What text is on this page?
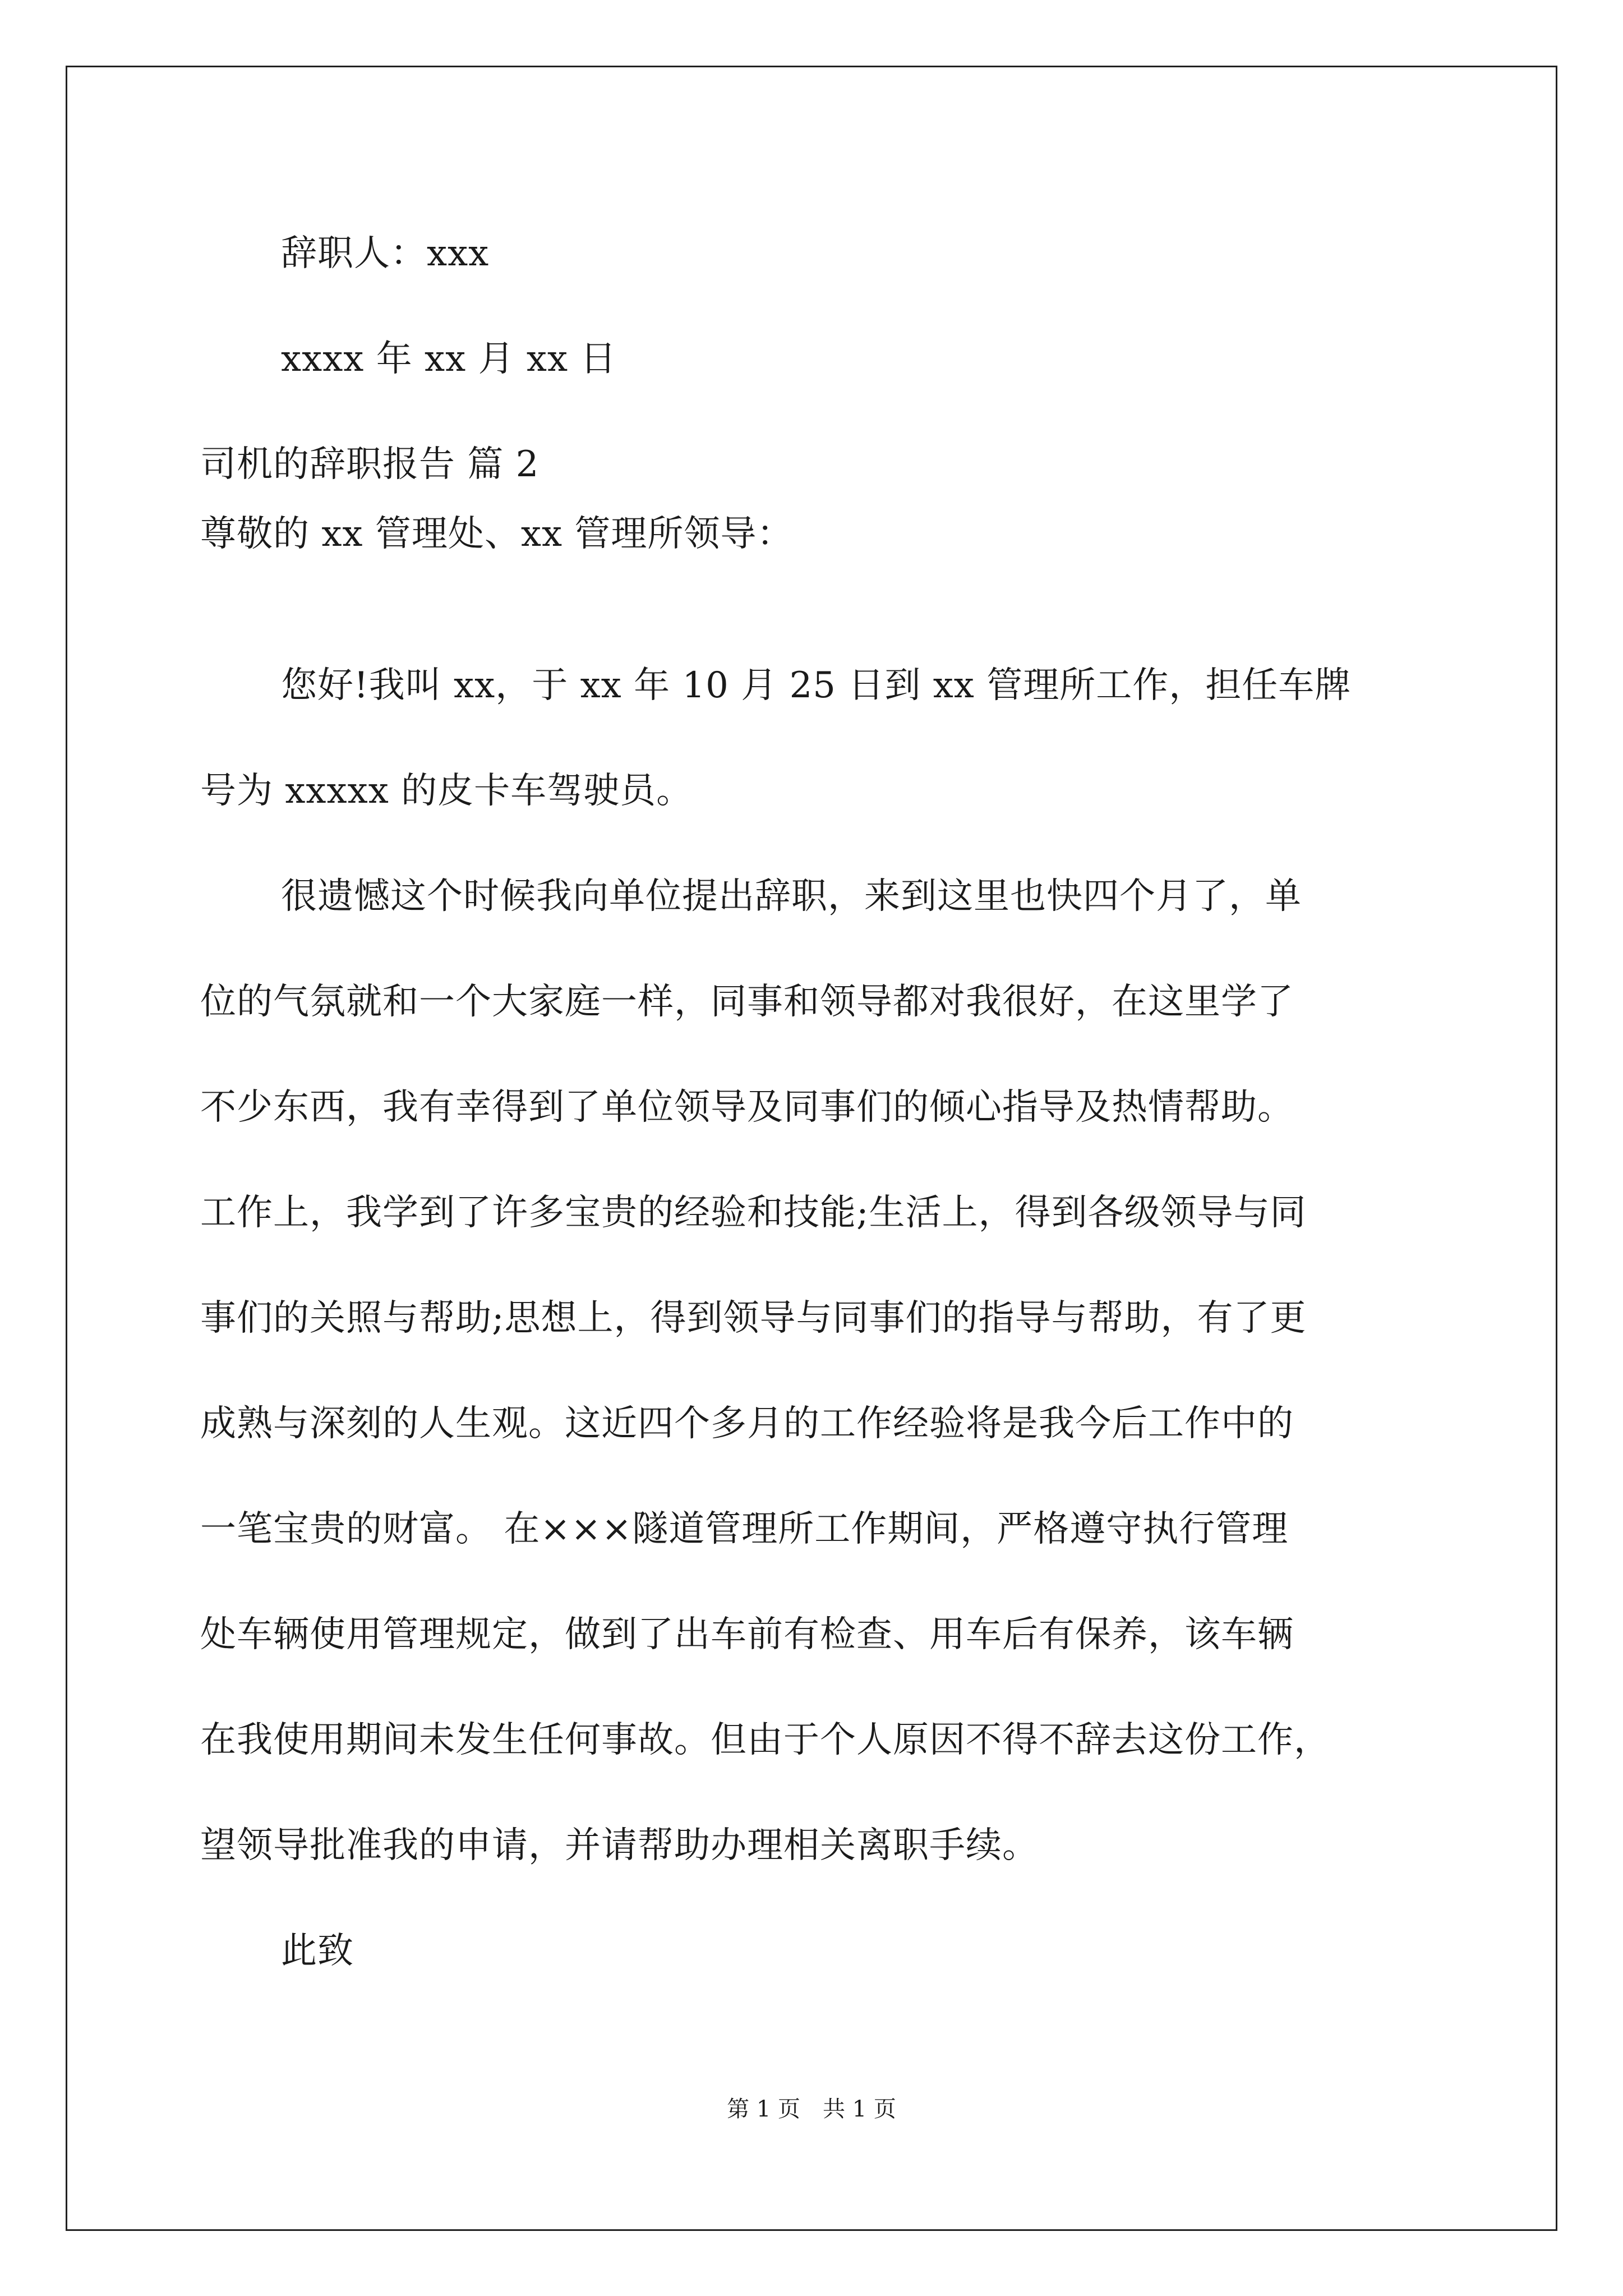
辞职人：xxx
xxxx 年 xx 月 xx 日
司机的辞职报告 篇 2
尊敬的 xx 管理处、xx 管理所领导：
您好!我叫 xx，于 xx 年 10 月 25 日到 xx 管理所工作，担任车牌
号为 xxxxx 的皮卡车驾驶员。
很遗憾这个时候我向单位提出辞职，来到这里也快四个月了，单
位的气氛就和一个大家庭一样，同事和领导都对我很好，在这里学了
不少东西，我有幸得到了单位领导及同事们的倾心指导及热情帮助。
工作上，我学到了许多宝贵的经验和技能;生活上，得到各级领导与同
事们的关照与帮助;思想上，得到领导与同事们的指导与帮助，有了更
成熟与深刻的人生观。这近四个多月的工作经验将是我今后工作中的
一笔宝贵的财富。 在×××隧道管理所工作期间，严格遵守执行管理
处车辆使用管理规定，做到了出车前有检查、用车后有保养，该车辆
在我使用期间未发生任何事故。但由于个人原因不得不辞去这份工作，
望领导批准我的申请，并请帮助办理相关离职手续。
此致
第 1 页 共 1 页
